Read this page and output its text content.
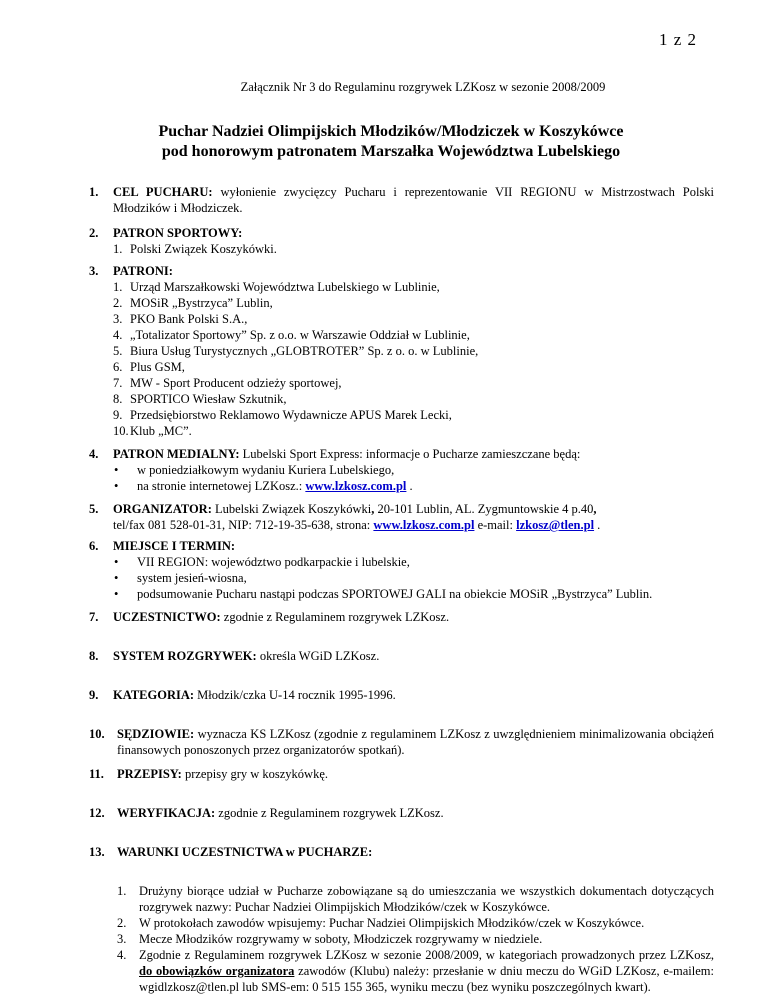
1 z 2
Załącznik Nr 3 do Regulaminu rozgrywek LZKosz w sezonie 2008/2009
Puchar Nadziei Olimpijskich Młodzików/Młodziczek w Koszykówce
pod honorowym patronatem Marszałka Województwa Lubelskiego
1. CEL PUCHARU: wyłonienie zwycięzcy Pucharu i reprezentowanie VII REGIONU w Mistrzostwach Polski Młodzików i Młodziczek.
2. PATRON SPORTOWY:
1. Polski Związek Koszykówki.
3. PATRONI:
1. Urząd Marszałkowski Województwa Lubelskiego w Lublinie,
2. MOSiR „Bystrzyca” Lublin,
3. PKO Bank Polski S.A.,
4. „Totalizator Sportowy” Sp. z o.o. w Warszawie Oddział w Lublinie,
5. Biura Usług Turystycznych „GLOBTROTER” Sp. z o. o. w Lublinie,
6. Plus GSM,
7. MW - Sport Producent odzieży sportowej,
8. SPORTICO Wiesław Szkutnik,
9. Przedsiębiorstwo Reklamowo Wydawnicze APUS Marek Lecki,
10. Klub „MC”.
4. PATRON MEDIALNY: Lubelski Sport Express: informacje o Pucharze zamieszczane będą:
• w poniedziałkowym wydaniu Kuriera Lubelskiego,
• na stronie internetowej LZKosz.: www.lzkosz.com.pl .
5. ORGANIZATOR: Lubelski Związek Koszykówki, 20-101 Lublin, AL. Zygmuntowskie 4 p.40,
tel/fax 081 528-01-31, NIP: 712-19-35-638, strona: www.lzkosz.com.pl e-mail: lzkosz@tlen.pl .
6. MIEJSCE I TERMIN:
• VII REGION: województwo podkarpackie i lubelskie,
• system jesień-wiosna,
• podsumowanie Pucharu nastąpi podczas SPORTOWEJ GALI na obiekcie MOSiR „Bystrzyca” Lublin.
7. UCZESTNICTWO: zgodnie z Regulaminem rozgrywek LZKosz.
8. SYSTEM ROZGRYWEK: określa WGiD LZKosz.
9. KATEGORIA: Młodzik/czka U-14 rocznik 1995-1996.
10. SĘDZIOWIE: wyznacza KS LZKosz (zgodnie z regulaminem LZKosz z uwzględnieniem minimalizowania obciążeń finansowych ponoszonych przez organizatorów spotkań).
11. PRZEPISY: przepisy gry w koszykówkę.
12. WERYFIKACJA: zgodnie z Regulaminem rozgrywek LZKosz.
13. WARUNKI UCZESTNICTWA w PUCHARZE:
1. Drużyny biorące udział w Pucharze zobowiązane są do umieszczania we wszystkich dokumentach dotyczących rozgrywek nazwy: Puchar Nadziei Olimpijskich Młodzików/czek w Koszykówce.
2. W protokołach zawodów wpisujemy: Puchar Nadziei Olimpijskich Młodzików/czek w Koszykówce.
3. Mecze Młodzików rozgrywamy w soboty, Młodziczek rozgrywamy w niedziele.
4. Zgodnie z Regulaminem rozgrywek LZKosz w sezonie 2008/2009, w kategoriach prowadzonych przez LZKosz, do obowiązków organizatora zawodów (Klubu) należy: przesłanie w dniu meczu do WGiD LZKosz, e-mailem: wgidlzkosz@tlen.pl lub SMS-em: 0 515 155 365, wyniku meczu (bez wyniku poszczególnych kwart).
